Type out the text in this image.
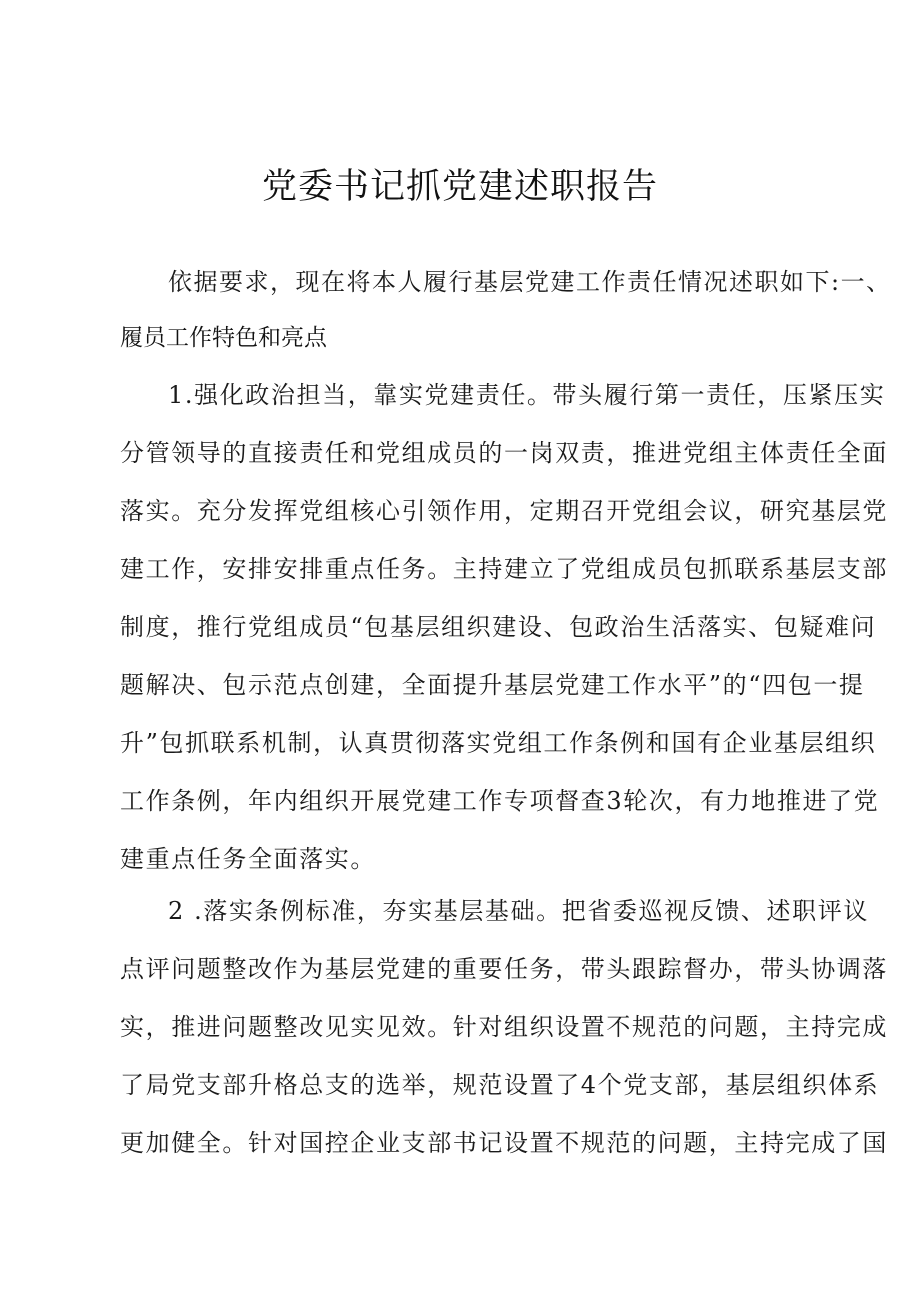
党委书记抓党建述职报告

依据要求，现在将本人履行基层党建工作责任情况述职如下:一、

履员工作特色和亮点

1.强化政治担当，靠实党建责任。带头履行第一责任，压紧压实
分管领导的直接责任和党组成员的一岗双责，推进党组主体责任全面
落实。充分发挥党组核心引领作用，定期召开党组会议，研究基层党
建工作，安排安排重点任务。主持建立了党组成员包抓联系基层支部
制度，推行党组成员“包基层组织建设、包政治生活落实、包疑难问
题解决、包示范点创建，全面提升基层党建工作水平”的“四包一提
升”包抓联系机制，认真贯彻落实党组工作条例和国有企业基层组织
工作条例，年内组织开展党建工作专项督查3轮次，有力地推进了党
建重点任务全面落实。

2 .落实条例标准，夯实基层基础。把省委巡视反馈、述职评议
点评问题整改作为基层党建的重要任务，带头跟踪督办，带头协调落
实，推进问题整改见实见效。针对组织设置不规范的问题，主持完成
了局党支部升格总支的选举，规范设置了4个党支部，基层组织体系
更加健全。针对国控企业支部书记设置不规范的问题，主持完成了国
